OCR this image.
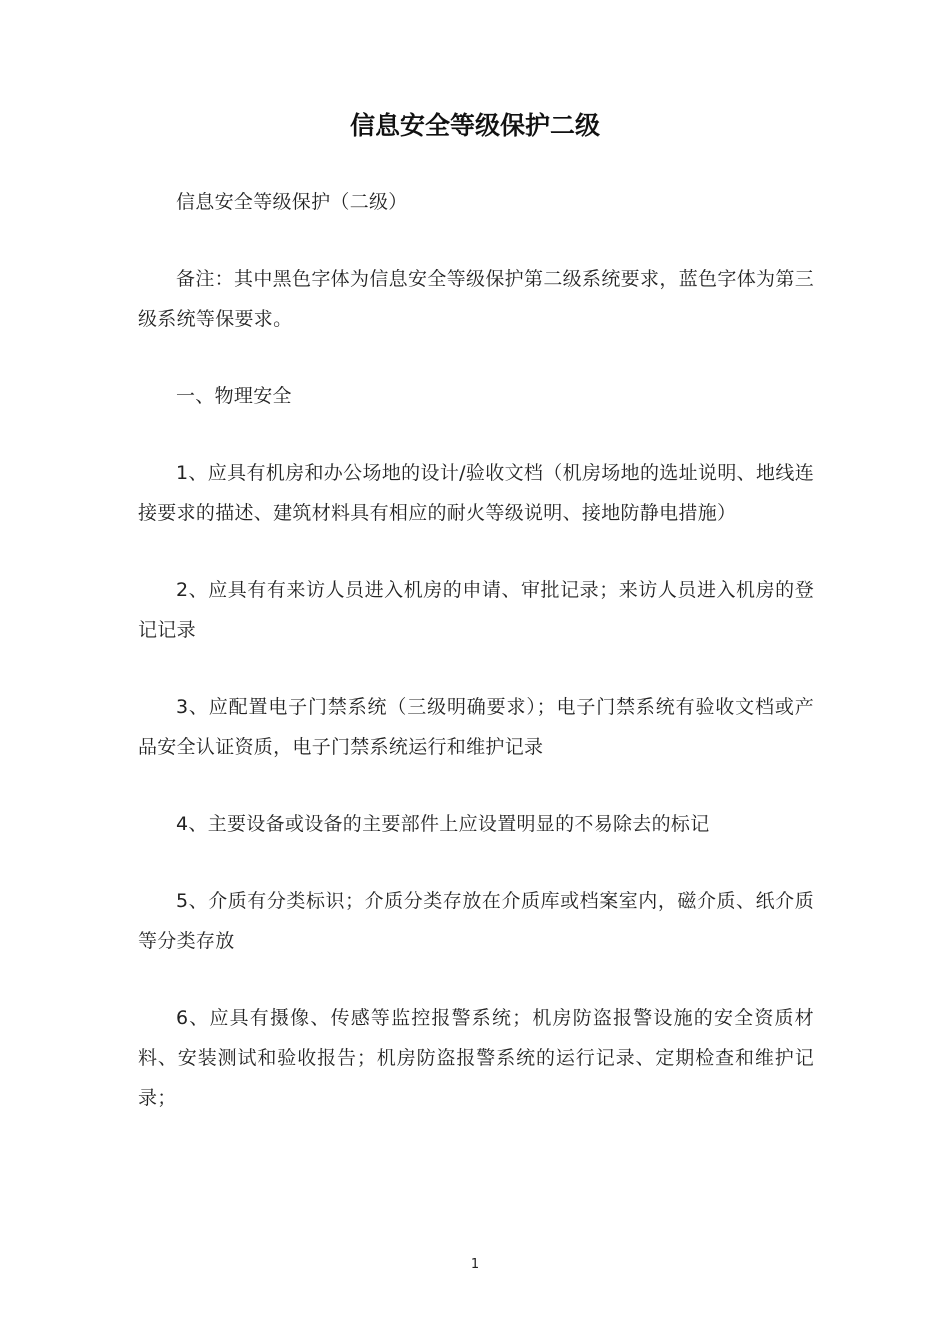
信息安全等级保护二级

信息安全等级保护（二级）

备注：其中黑色字体为信息安全等级保护第二级系统要求，蓝色字体为第三级系统等保要求。

一、物理安全

1、应具有机房和办公场地的设计/验收文档（机房场地的选址说明、地线连接要求的描述、建筑材料具有相应的耐火等级说明、接地防静电措施）

2、应具有有来访人员进入机房的申请、审批记录；来访人员进入机房的登记记录

3、应配置电子门禁系统（三级明确要求）；电子门禁系统有验收文档或产品安全认证资质，电子门禁系统运行和维护记录

4、主要设备或设备的主要部件上应设置明显的不易除去的标记

5、介质有分类标识；介质分类存放在介质库或档案室内，磁介质、纸介质等分类存放

6、应具有摄像、传感等监控报警系统；机房防盗报警设施的安全资质材料、安装测试和验收报告；机房防盗报警系统的运行记录、定期检查和维护记录；

1
